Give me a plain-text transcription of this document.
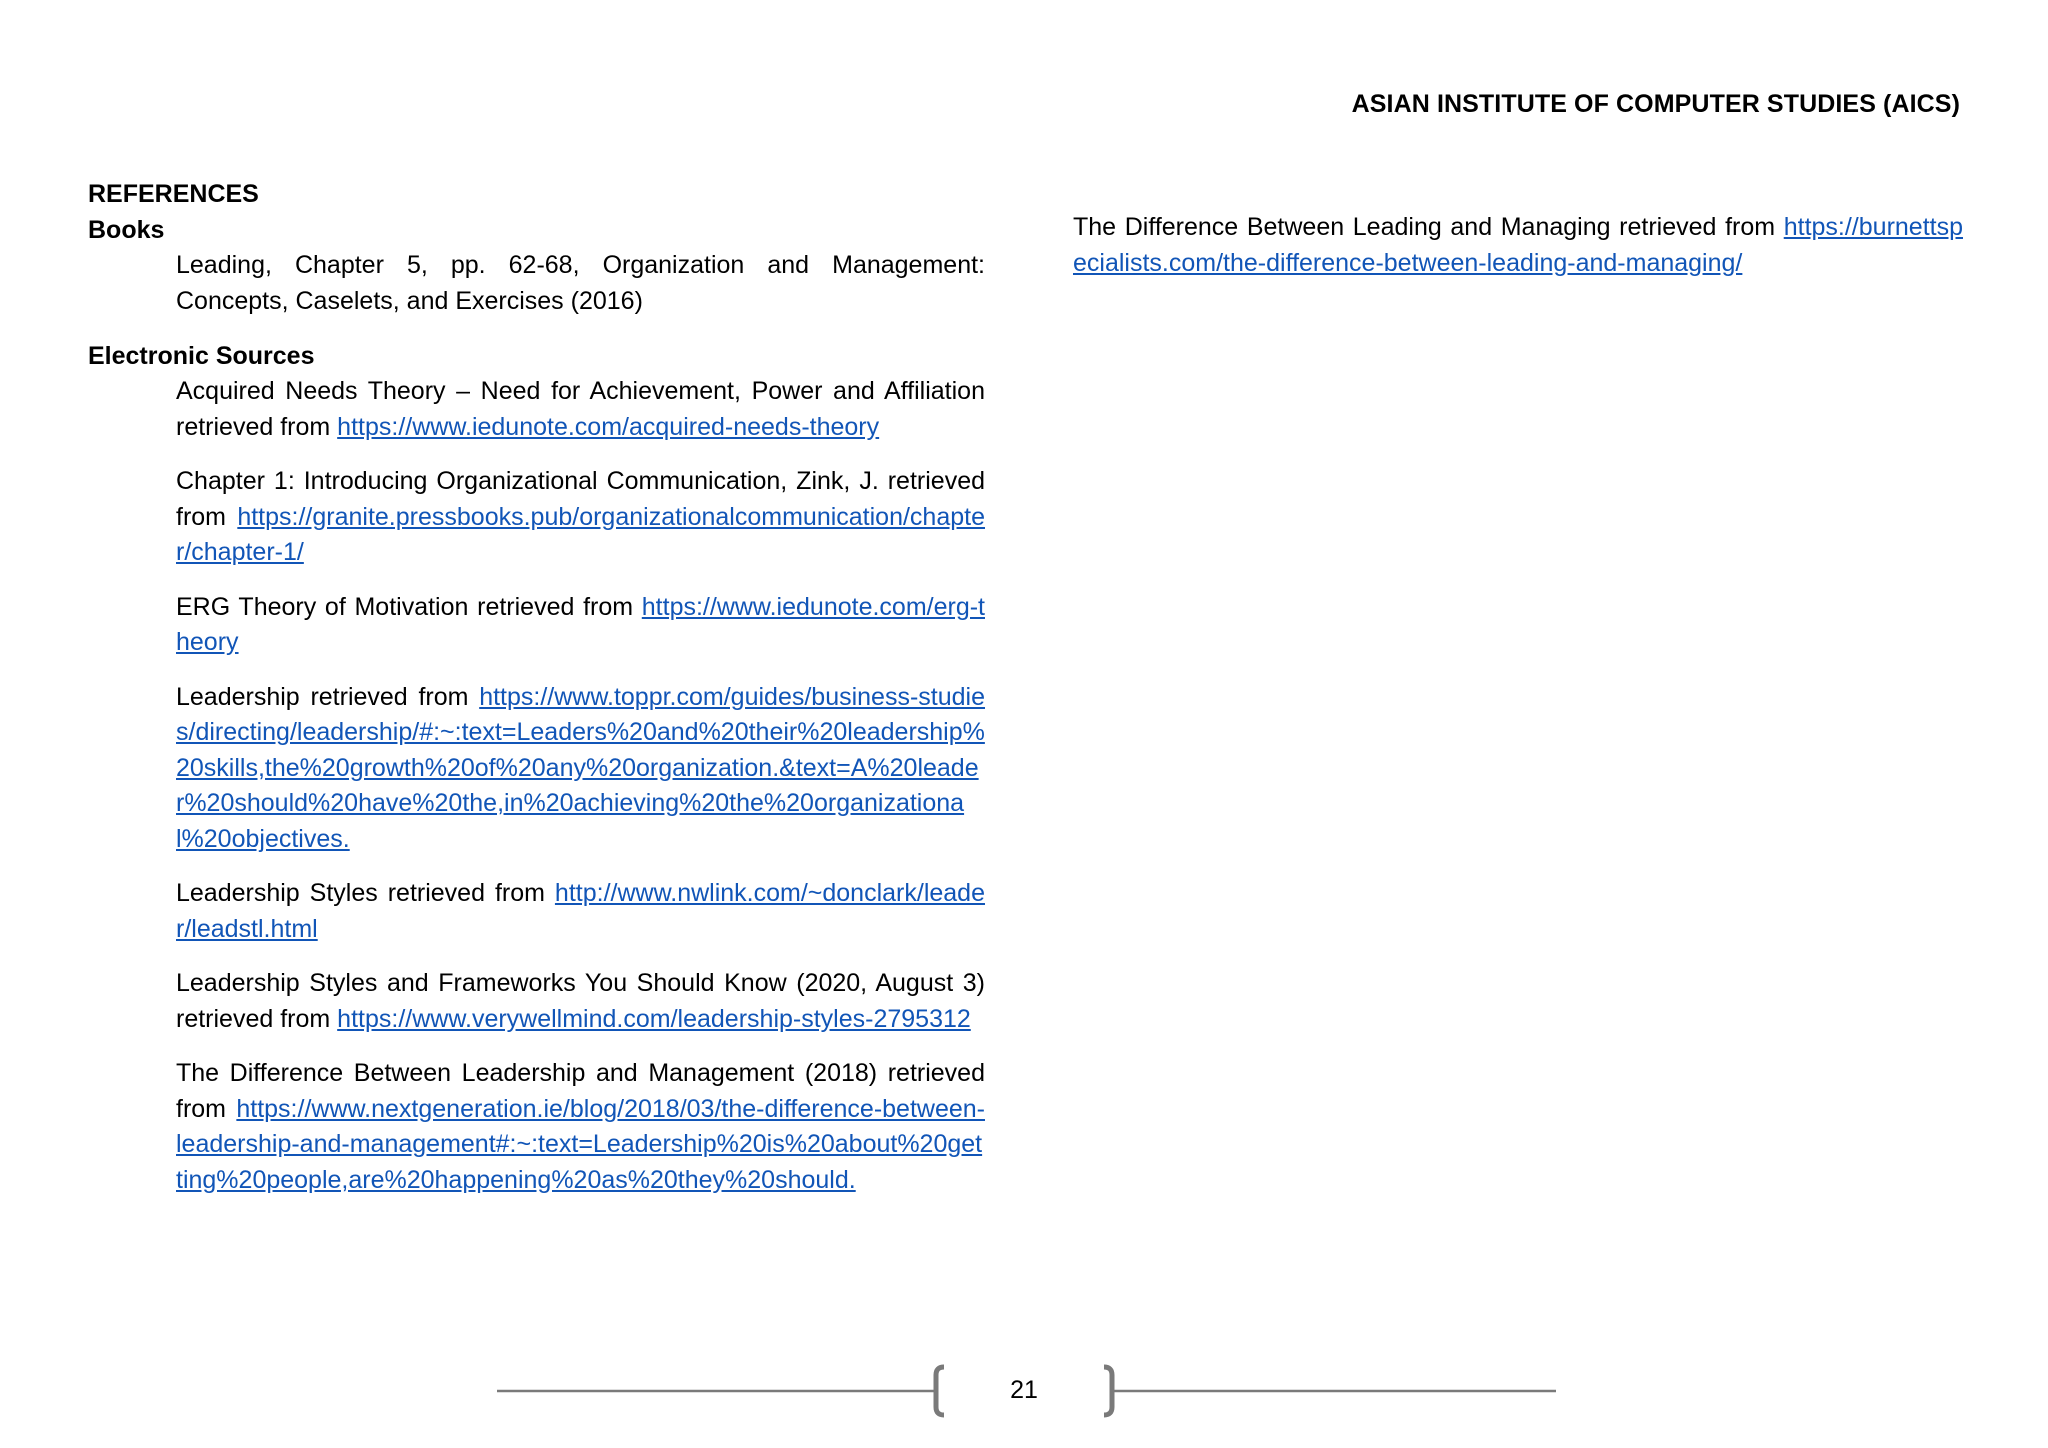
ASIAN INSTITUTE OF COMPUTER STUDIES (AICS)
REFERENCES
Books
Leading, Chapter 5, pp. 62-68, Organization and Management: Concepts, Caselets, and Exercises (2016)
Electronic Sources
Acquired Needs Theory – Need for Achievement, Power and Affiliation retrieved from https://www.iedunote.com/acquired-needs-theory
Chapter 1: Introducing Organizational Communication, Zink, J. retrieved from https://granite.pressbooks.pub/organizationalcommunication/chapter/chapter-1/
ERG Theory of Motivation retrieved from https://www.iedunote.com/erg-theory
Leadership retrieved from https://www.toppr.com/guides/business-studies/directing/leadership/#:~:text=Leaders%20and%20their%20leadership%20skills,the%20growth%20of%20any%20organization.&text=A%20leader%20should%20have%20the,in%20achieving%20the%20organizational%20objectives.
Leadership Styles retrieved from http://www.nwlink.com/~donclark/leader/leadstl.html
Leadership Styles and Frameworks You Should Know (2020, August 3) retrieved from https://www.verywellmind.com/leadership-styles-2795312
The Difference Between Leadership and Management (2018) retrieved from https://www.nextgeneration.ie/blog/2018/03/the-difference-between-leadership-and-management#:~:text=Leadership%20is%20about%20getting%20people,are%20happening%20as%20they%20should.
The Difference Between Leading and Managing retrieved from https://burnettspecialists.com/the-difference-between-leading-and-managing/
21
